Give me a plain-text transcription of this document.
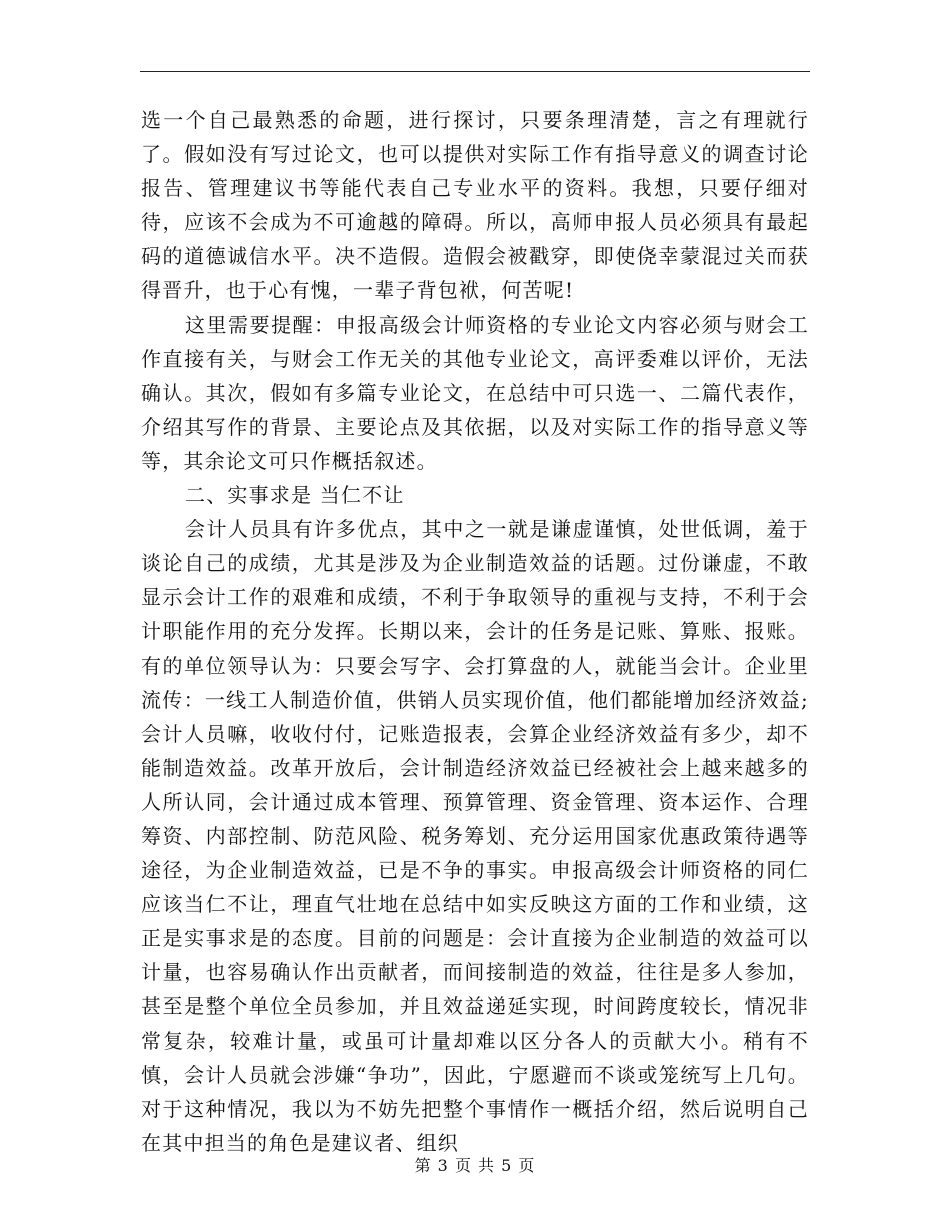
选一个自己最熟悉的命题，进行探讨，只要条理清楚，言之有理就行了。假如没有写过论文，也可以提供对实际工作有指导意义的调查讨论报告、管理建议书等能代表自己专业水平的资料。我想，只要仔细对待，应该不会成为不可逾越的障碍。所以，高师申报人员必须具有最起码的道德诚信水平。决不造假。造假会被戳穿，即使侥幸蒙混过关而获得晋升，也于心有愧，一辈子背包袱，何苦呢!

这里需要提醒：申报高级会计师资格的专业论文内容必须与财会工作直接有关，与财会工作无关的其他专业论文，高评委难以评价，无法确认。其次，假如有多篇专业论文，在总结中可只选一、二篇代表作，介绍其写作的背景、主要论点及其依据，以及对实际工作的指导意义等等，其余论文可只作概括叙述。

二、实事求是 当仁不让

会计人员具有许多优点，其中之一就是谦虚谨慎，处世低调，羞于谈论自己的成绩，尤其是涉及为企业制造效益的话题。过份谦虚，不敢显示会计工作的艰难和成绩，不利于争取领导的重视与支持，不利于会计职能作用的充分发挥。长期以来，会计的任务是记账、算账、报账。有的单位领导认为：只要会写字、会打算盘的人，就能当会计。企业里流传：一线工人制造价值，供销人员实现价值，他们都能增加经济效益;会计人员嘛，收收付付，记账造报表，会算企业经济效益有多少，却不能制造效益。改革开放后，会计制造经济效益已经被社会上越来越多的人所认同，会计通过成本管理、预算管理、资金管理、资本运作、合理筹资、内部控制、防范风险、税务筹划、充分运用国家优惠政策待遇等途径，为企业制造效益，已是不争的事实。申报高级会计师资格的同仁应该当仁不让，理直气壮地在总结中如实反映这方面的工作和业绩，这正是实事求是的态度。目前的问题是：会计直接为企业制造的效益可以计量，也容易确认作出贡献者，而间接制造的效益，往往是多人参加，甚至是整个单位全员参加，并且效益递延实现，时间跨度较长，情况非常复杂，较难计量，或虽可计量却难以区分各人的贡献大小。稍有不慎，会计人员就会涉嫌“争功”，因此，宁愿避而不谈或笼统写上几句。对于这种情况，我以为不妨先把整个事情作一概括介绍，然后说明自己在其中担当的角色是建议者、组织

第 3 页 共 5 页
